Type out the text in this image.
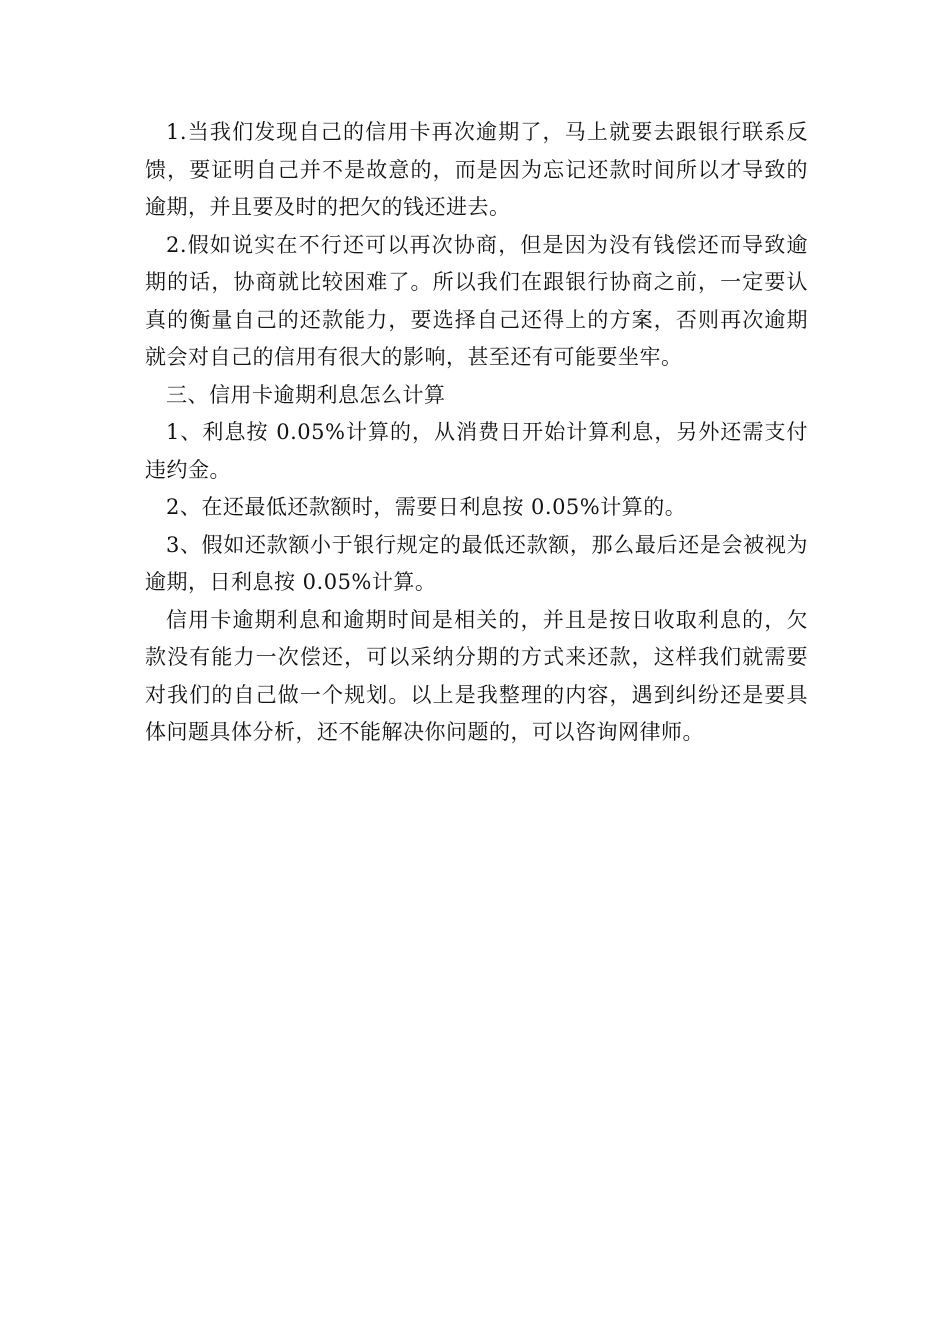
1.当我们发现自己的信用卡再次逾期了，马上就要去跟银行联系反馈，要证明自己并不是故意的，而是因为忘记还款时间所以才导致的逾期，并且要及时的把欠的钱还进去。

2.假如说实在不行还可以再次协商，但是因为没有钱偿还而导致逾期的话，协商就比较困难了。所以我们在跟银行协商之前，一定要认真的衡量自己的还款能力，要选择自己还得上的方案，否则再次逾期就会对自己的信用有很大的影响，甚至还有可能要坐牢。

三、信用卡逾期利息怎么计算

1、利息按 0.05%计算的，从消费日开始计算利息，另外还需支付违约金。

2、在还最低还款额时，需要日利息按 0.05%计算的。

3、假如还款额小于银行规定的最低还款额，那么最后还是会被视为逾期，日利息按 0.05%计算。

信用卡逾期利息和逾期时间是相关的，并且是按日收取利息的，欠款没有能力一次偿还，可以采纳分期的方式来还款，这样我们就需要对我们的自己做一个规划。以上是我整理的内容，遇到纠纷还是要具体问题具体分析，还不能解决你问题的，可以咨询网律师。
